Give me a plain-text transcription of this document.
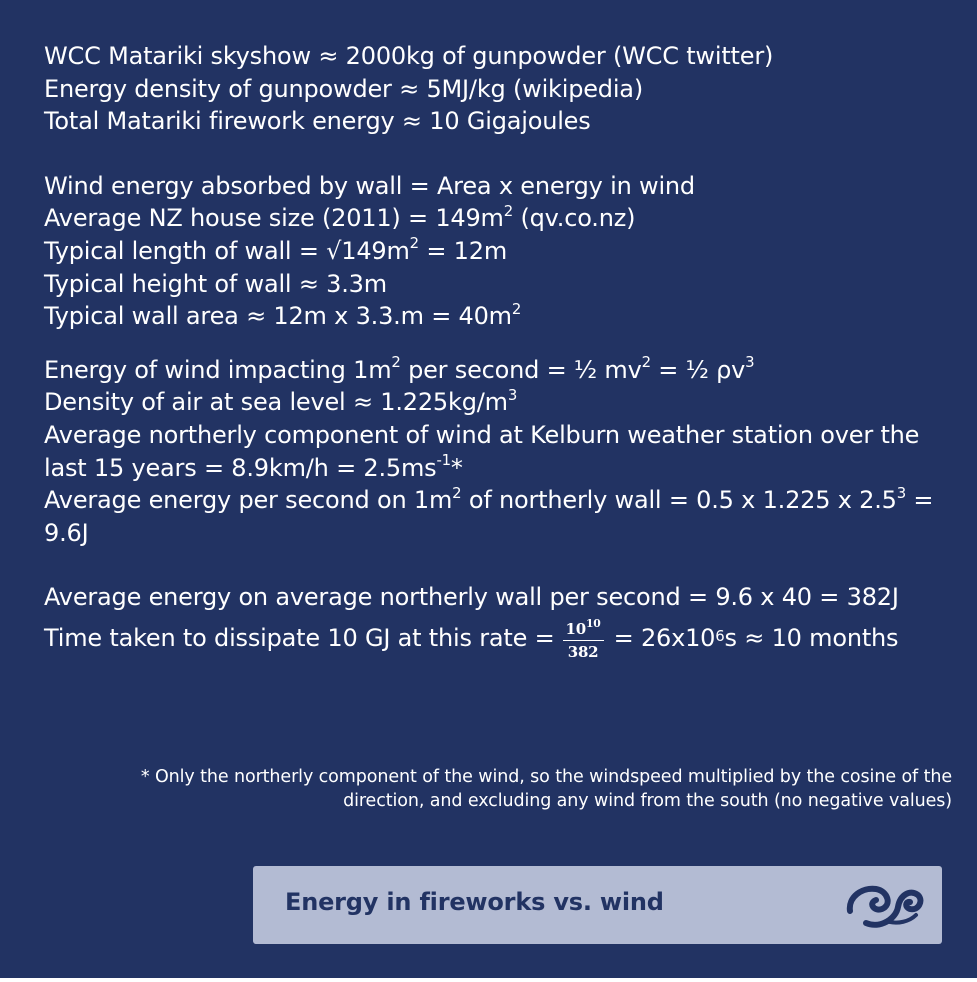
WCC Matariki skyshow ≈ 2000kg of gunpowder (WCC twitter)
Energy density of gunpowder ≈ 5MJ/kg (wikipedia)
Total Matariki firework energy ≈ 10 Gigajoules
Wind energy absorbed by wall = Area x energy in wind
Average NZ house size $(2011) = 149m^2$ (qv.co.nz)
Typical length of wall = $√149m^2 = 12m$
Typical height of wall ≈ 3.3m
Typical wall area ≈ 12m x $3.3.m = 40m^2$
Energy of wind impacting $1m^2$ per second = ½ $mv^2$ = ½ $\rho v^3$
Density of air at sea level ≈ $1.225kg/m^3$
Average northerly component of wind at Kelburn weather station over the last 15 years = $8.9km/h = 2.5ms^{-1}*$
Average energy per second on $1m^2$ of northerly wall = 0.5 x 1.225 x $2.5^3 = 9.6J$
Average energy on average northerly wall per second = 9.6 x 40 = 382J
Time taken to dissipate 10 GJ at this rate = $\frac{10^{10}}{382} = 26x10^6$ s ≈ 10 months
* Only the northerly component of the wind, so the windspeed multiplied by the cosine of the
direction, and excluding any wind from the south (no negative values)
Energy in fireworks vs. wind
